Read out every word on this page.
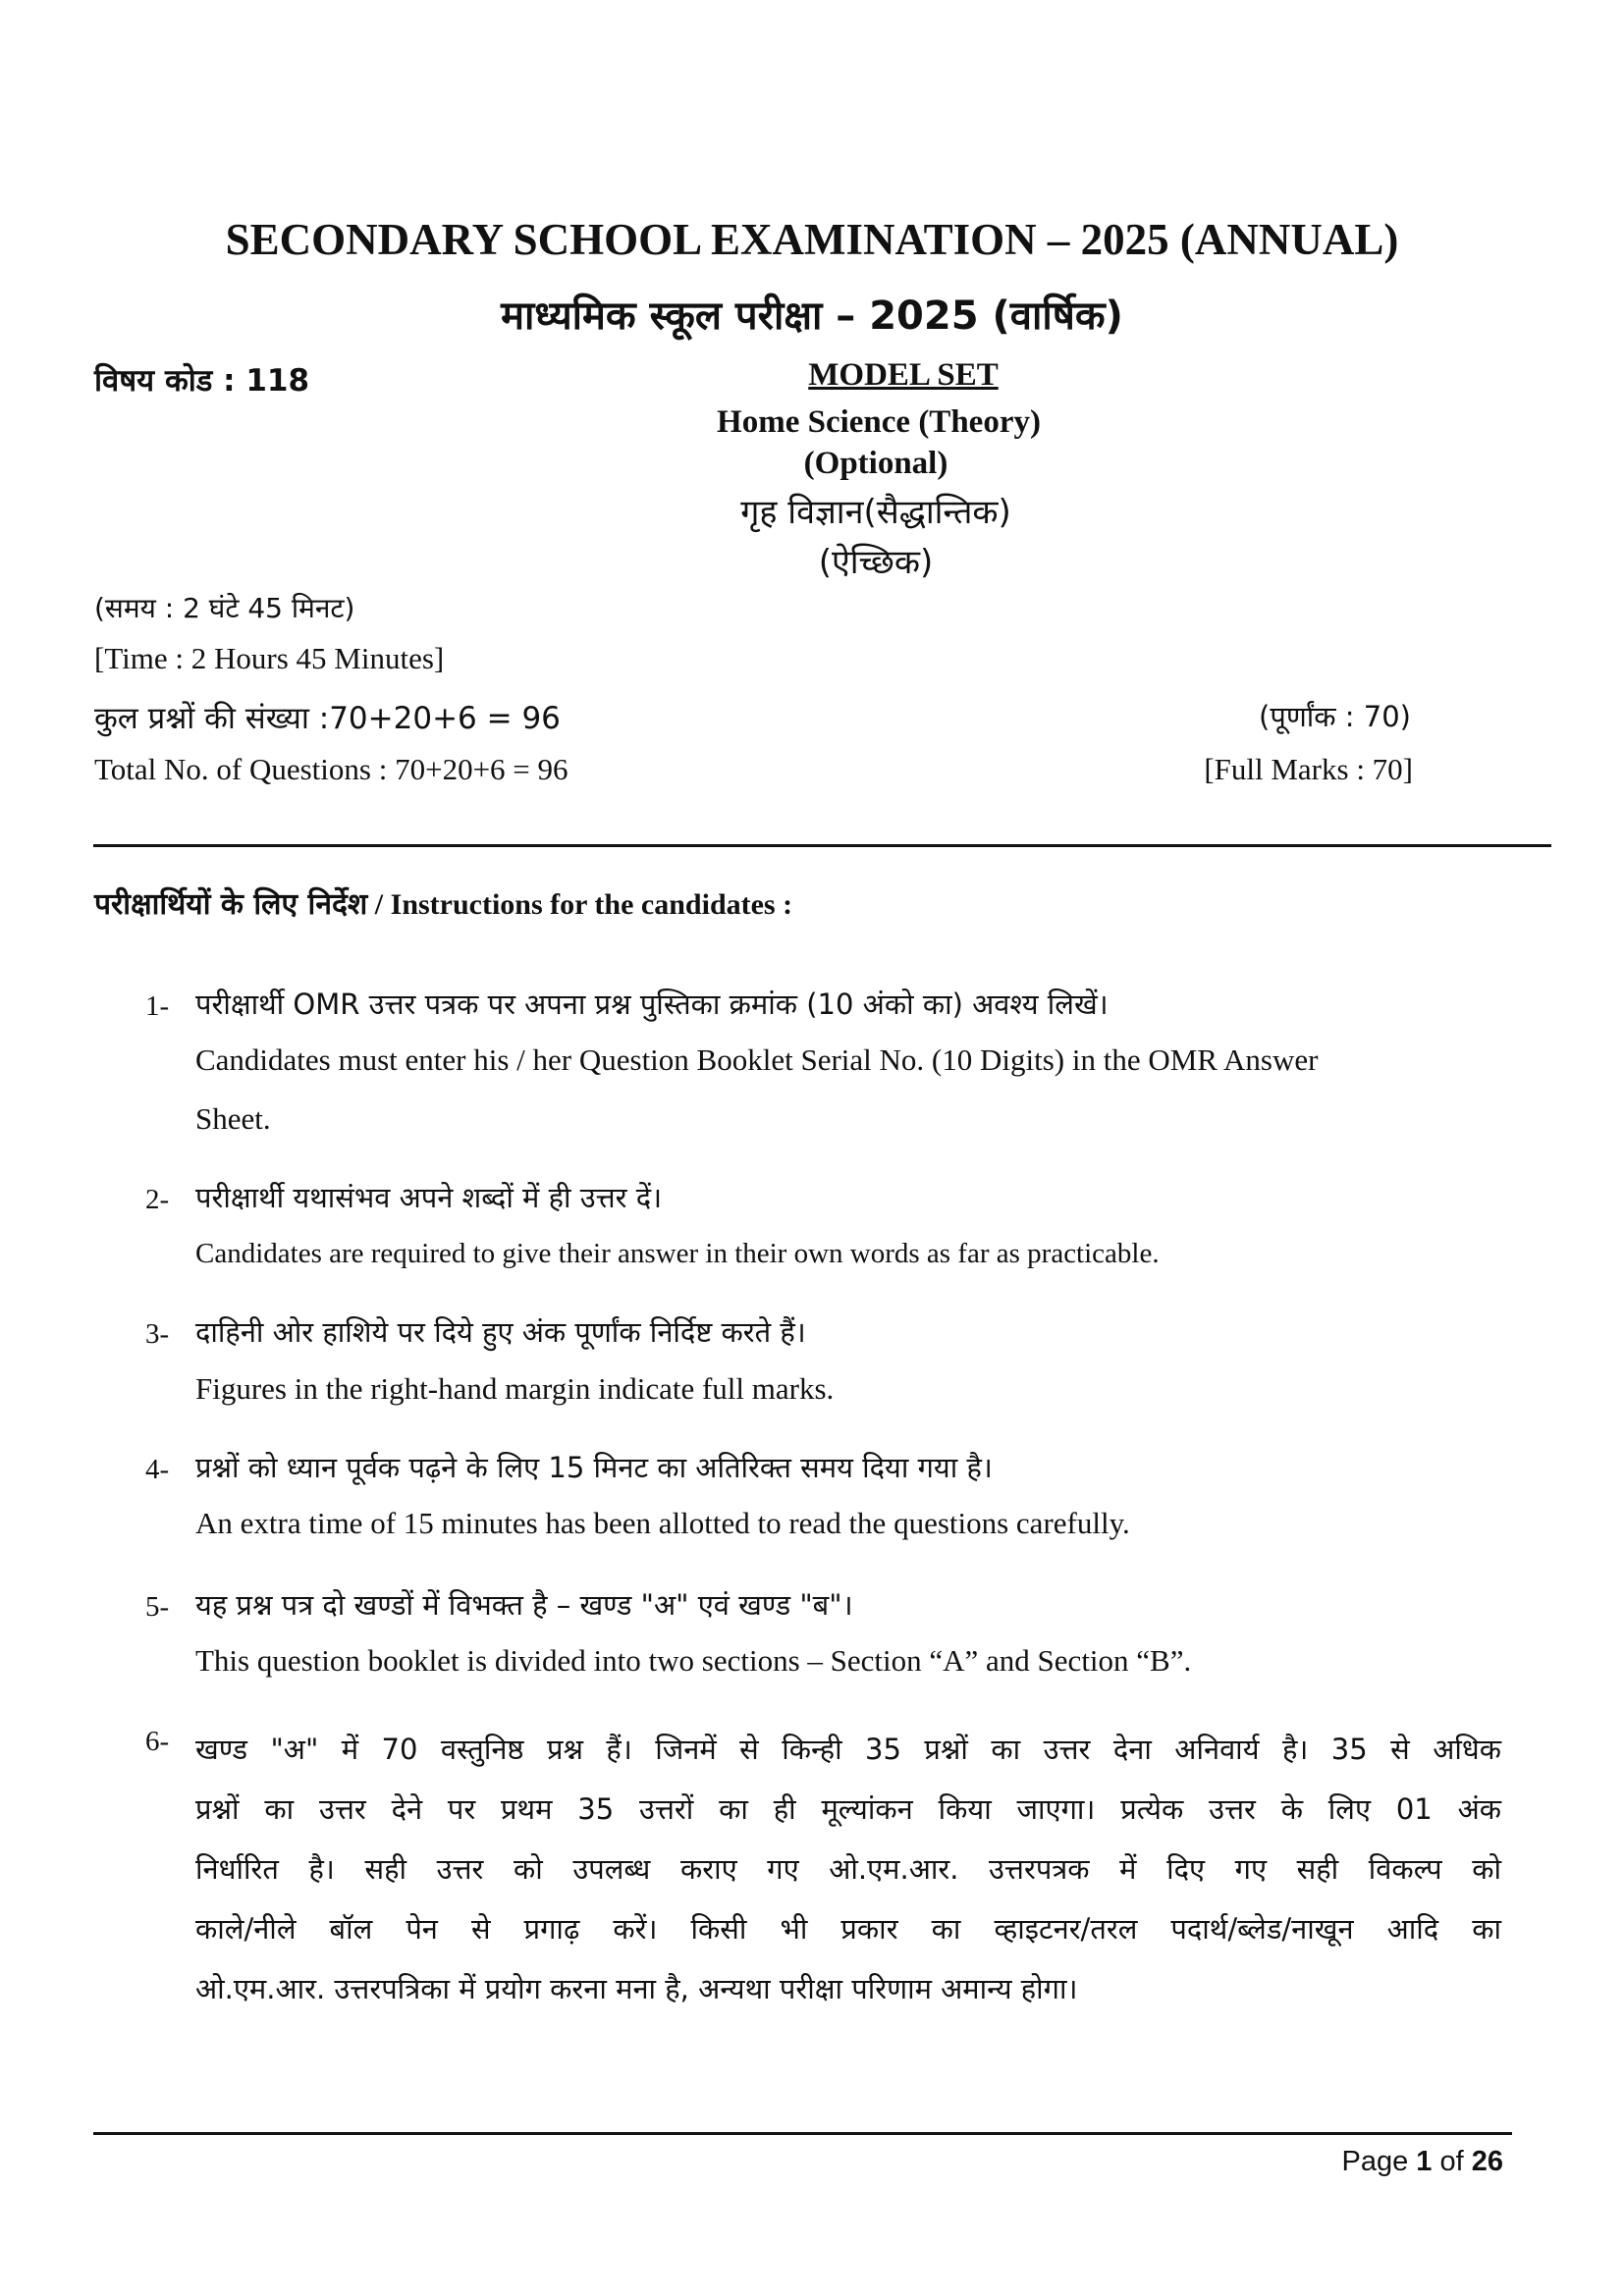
SECONDARY SCHOOL EXAMINATION – 2025 (ANNUAL)
माध्यमिक स्कूल परीक्षा – 2025 (वार्षिक)
विषय कोड : 118	MODEL SET
Home Science (Theory)
(Optional)
गृह विज्ञान(सैद्धान्तिक)
(ऐच्छिक)
(समय : 2 घंटे 45 मिनट)
[Time : 2 Hours 45 Minutes]
कुल प्रश्नों की संख्या :70+20+6 = 96	(पूर्णांक : 70)
Total No. of Questions : 70+20+6 = 96	[Full Marks : 70]
परीक्षार्थियों के लिए निर्देश / Instructions for the candidates :
1- परीक्षार्थी OMR उत्तर पत्रक पर अपना प्रश्न पुस्तिका क्रमांक (10 अंको का) अवश्य लिखें।
Candidates must enter his / her Question Booklet Serial No. (10 Digits) in the OMR Answer
Sheet.
2- परीक्षार्थी यथासंभव अपने शब्दों में ही उत्तर दें।
Candidates are required to give their answer in their own words as far as practicable.
3- दाहिनी ओर हाशिये पर दिये हुए अंक पूर्णांक निर्दिष्ट करते हैं।
Figures in the right-hand margin indicate full marks.
4- प्रश्नों को ध्यान पूर्वक पढ़ने के लिए 15 मिनट का अतिरिक्त समय दिया गया है।
An extra time of 15 minutes has been allotted to read the questions carefully.
5- यह प्रश्न पत्र दो खण्डों में विभक्त है – खण्ड "अ" एवं खण्ड "ब"।
This question booklet is divided into two sections – Section “A” and Section “B”.
6- खण्ड "अ" में 70 वस्तुनिष्ठ प्रश्न हैं। जिनमें से किन्ही 35 प्रश्नों का उत्तर देना अनिवार्य है। 35 से अधिक
प्रश्नों का उत्तर देने पर प्रथम 35 उत्तरों का ही मूल्यांकन किया जाएगा। प्रत्येक उत्तर के लिए 01 अंक
निर्धारित है। सही उत्तर को उपलब्ध कराए गए ओ.एम.आर. उत्तरपत्रक में दिए गए सही विकल्प को
काले/नीले बॉल पेन से प्रगाढ़ करें। किसी भी प्रकार का व्हाइटनर/तरल पदार्थ/ब्लेड/नाखून आदि का
ओ.एम.आर. उत्तरपत्रिका में प्रयोग करना मना है, अन्यथा परीक्षा परिणाम अमान्य होगा।
Page 1 of 26
